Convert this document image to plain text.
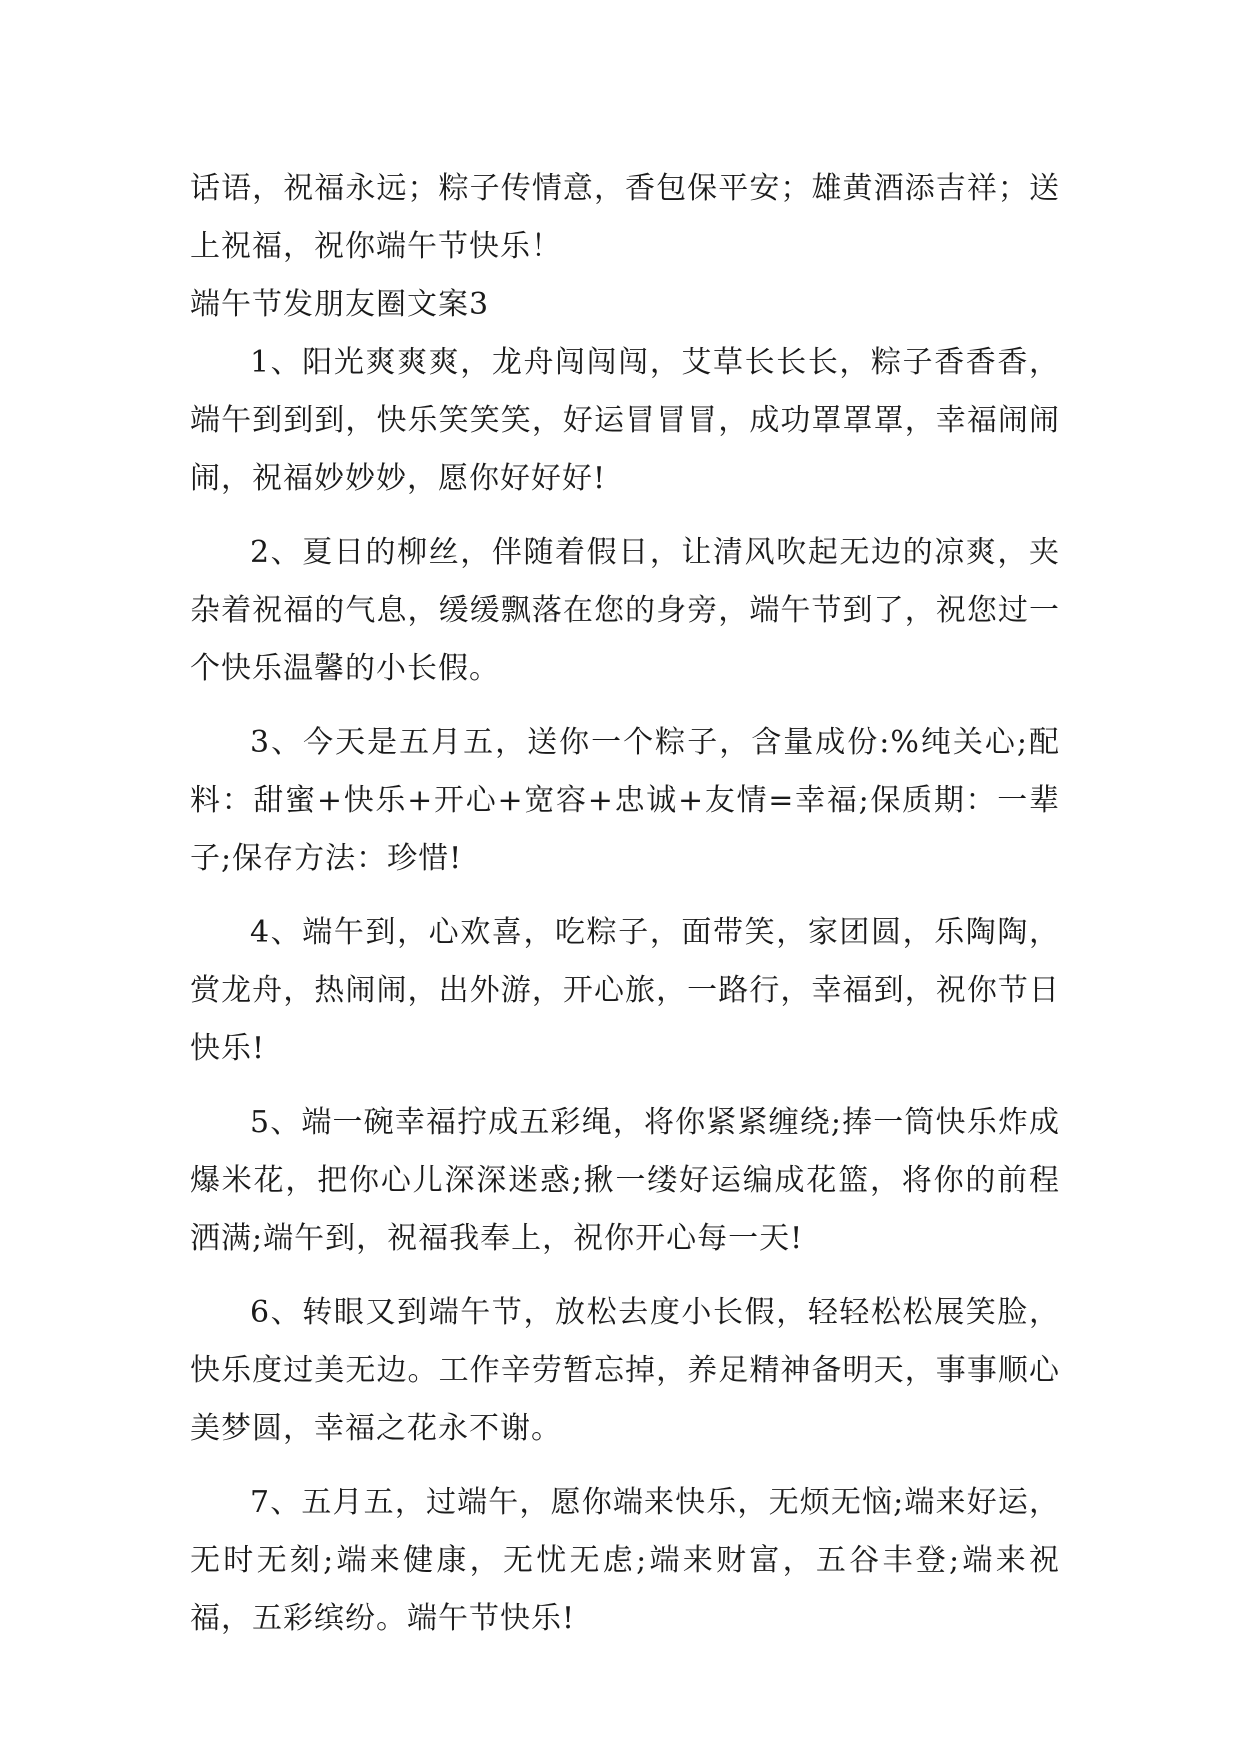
话语，祝福永远；粽子传情意，香包保平安；雄黄酒添吉祥；送上祝福，祝你端午节快乐！

端午节发朋友圈文案3

1、阳光爽爽爽，龙舟闯闯闯，艾草长长长，粽子香香香，端午到到到，快乐笑笑笑，好运冒冒冒，成功罩罩罩，幸福闹闹闹，祝福妙妙妙，愿你好好好!

2、夏日的柳丝，伴随着假日，让清风吹起无边的凉爽，夹杂着祝福的气息，缓缓飘落在您的身旁，端午节到了，祝您过一个快乐温馨的小长假。

3、今天是五月五，送你一个粽子，含量成份:%纯关心;配料：甜蜜+快乐+开心+宽容+忠诚+友情=幸福;保质期：一辈子;保存方法：珍惜!

4、端午到，心欢喜，吃粽子，面带笑，家团圆，乐陶陶，赏龙舟，热闹闹，出外游，开心旅，一路行，幸福到，祝你节日快乐!

5、端一碗幸福拧成五彩绳，将你紧紧缠绕;捧一筒快乐炸成爆米花，把你心儿深深迷惑;揪一缕好运编成花篮，将你的前程洒满;端午到，祝福我奉上，祝你开心每一天!

6、转眼又到端午节，放松去度小长假，轻轻松松展笑脸，快乐度过美无边。工作辛劳暂忘掉，养足精神备明天，事事顺心美梦圆，幸福之花永不谢。

7、五月五，过端午，愿你端来快乐，无烦无恼;端来好运，无时无刻;端来健康，无忧无虑;端来财富，五谷丰登;端来祝福，五彩缤纷。端午节快乐!
